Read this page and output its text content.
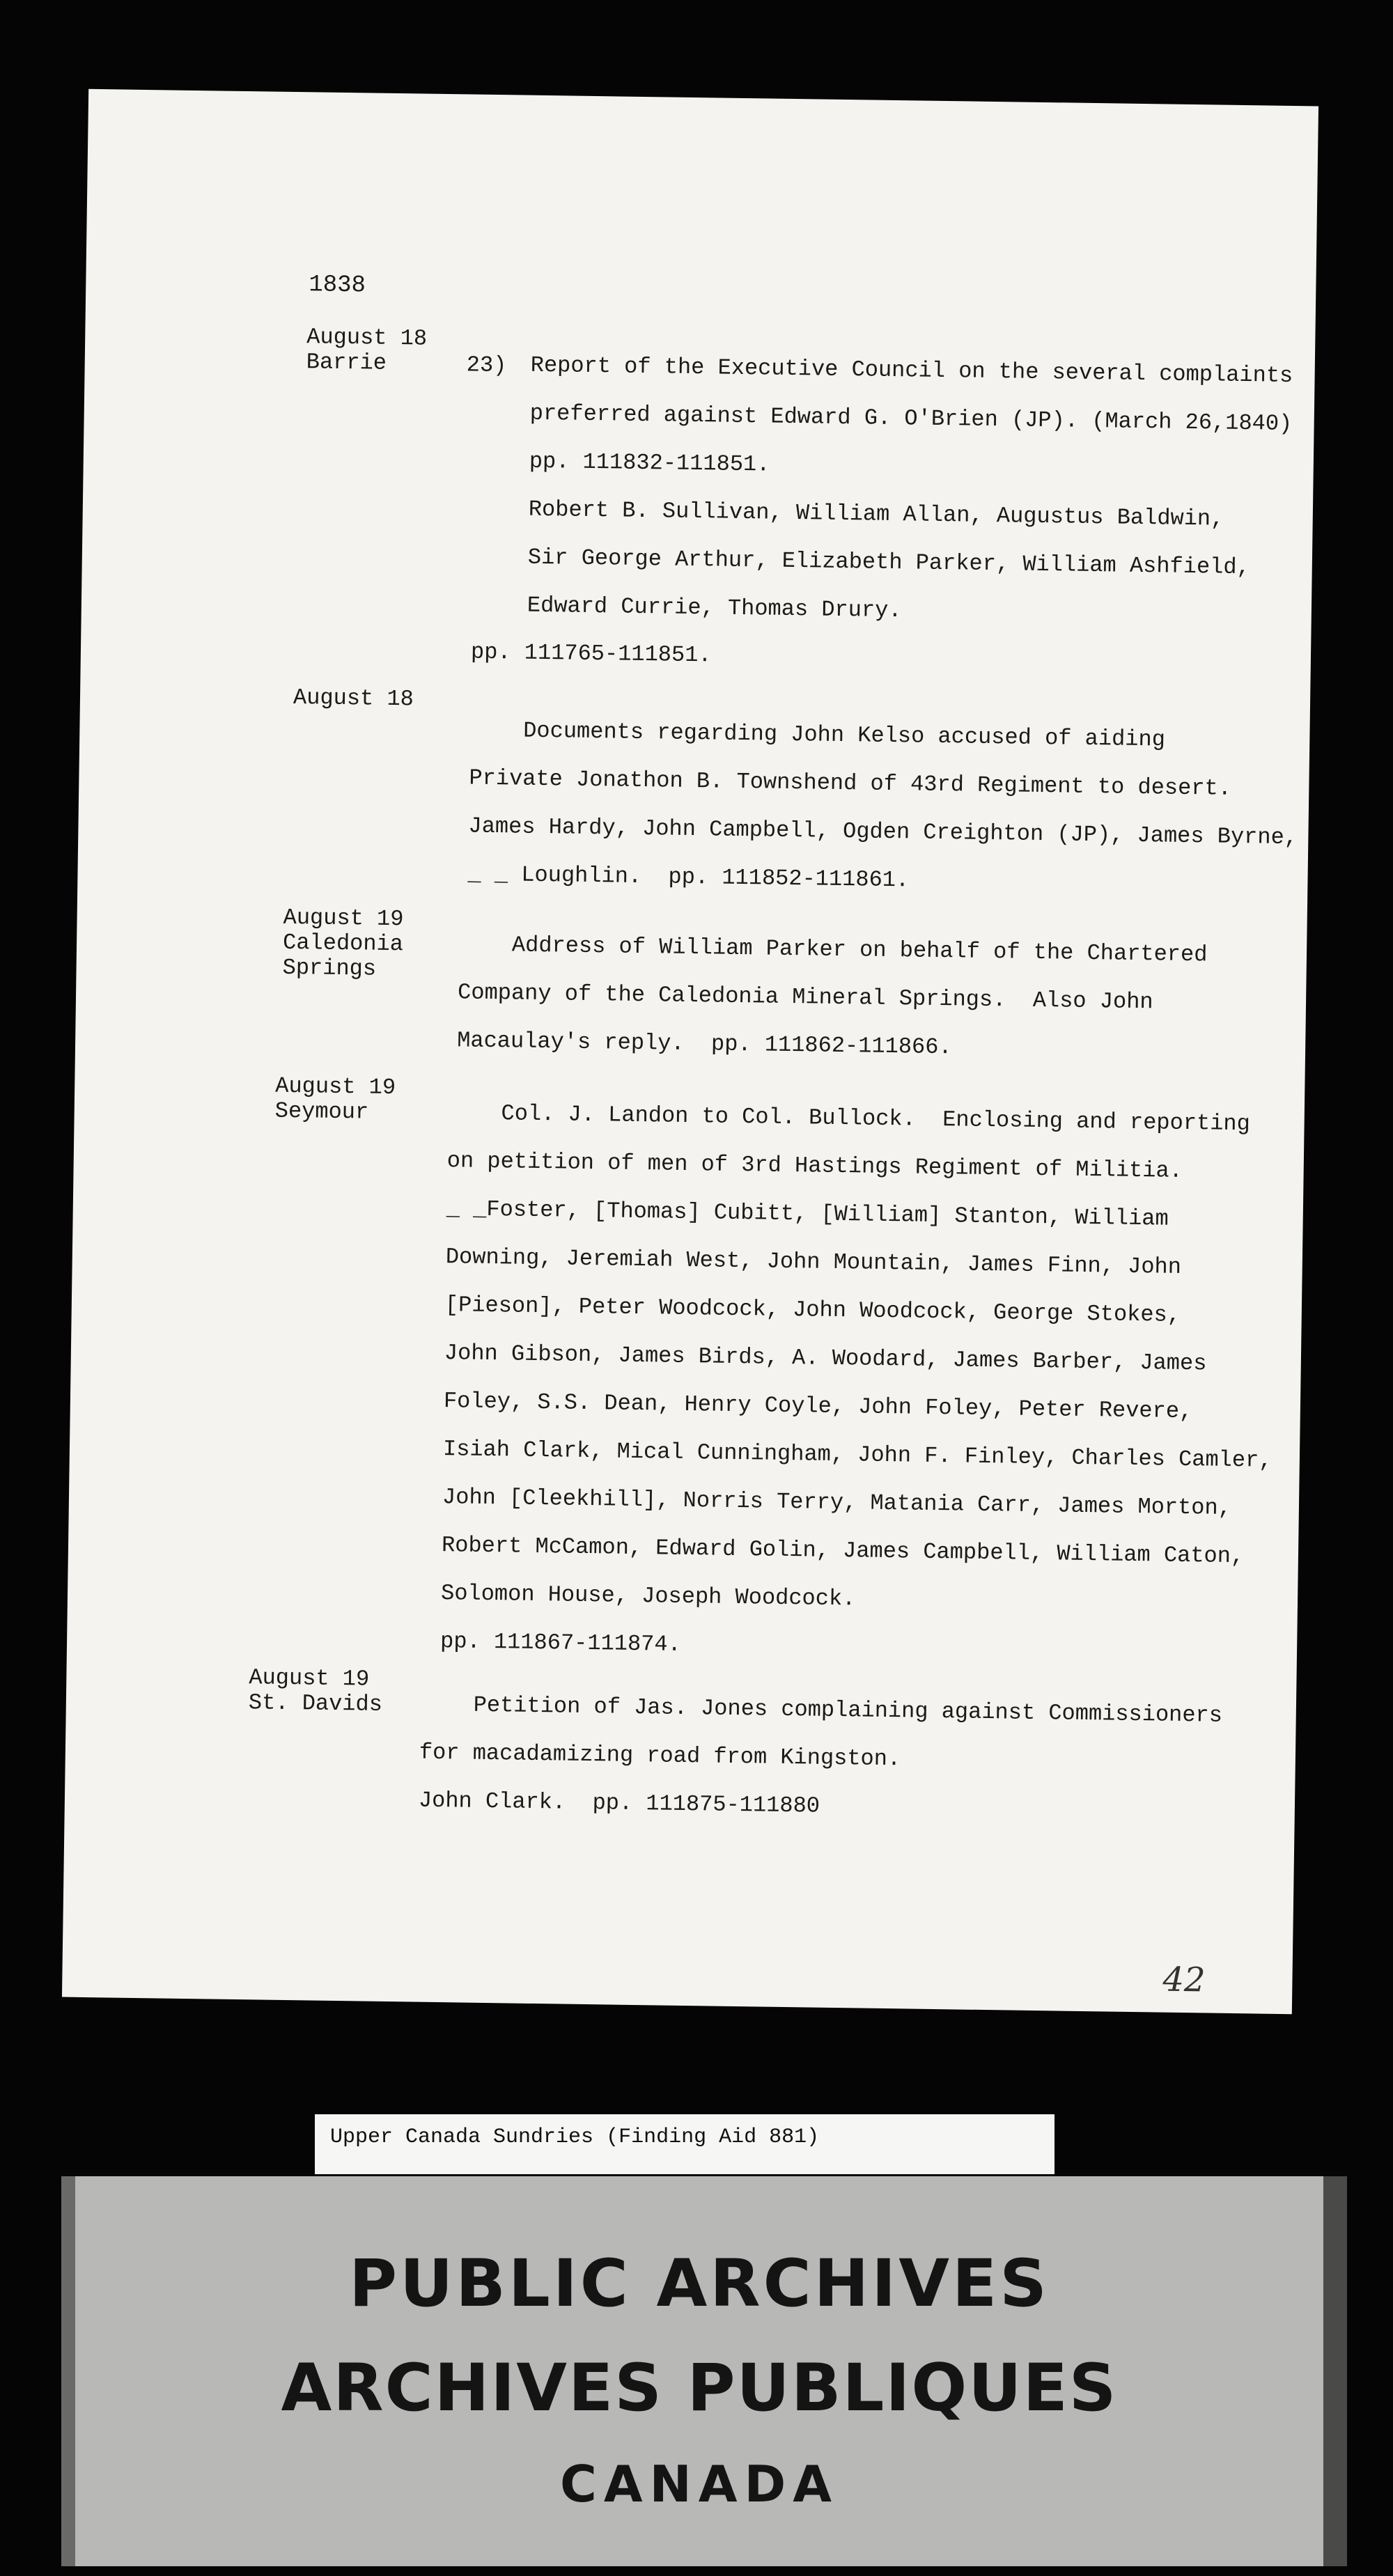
1838
August 18
Barrie	23) Report of the Executive Council on the several complaints
preferred against Edward G. O'Brien (JP). (March 26,1840)
pp. 111832-111851.
Robert B. Sullivan, William Allan, Augustus Baldwin,
Sir George Arthur, Elizabeth Parker, William Ashfield,
Edward Currie, Thomas Drury.
pp. 111765-111851.
August 18
Documents regarding John Kelso accused of aiding
Private Jonathon B. Townshend of 43rd Regiment to desert.
James Hardy, John Campbell, Ogden Creighton (JP), James Byrne,
_ _ Loughlin.  pp. 111852-111861.
August 19
Caledonia
Springs
Address of William Parker on behalf of the Chartered
Company of the Caledonia Mineral Springs.  Also John
Macaulay's reply.  pp. 111862-111866.
August 19
Seymour	Col. J. Landon to Col. Bullock.  Enclosing and reporting
on petition of men of 3rd Hastings Regiment of Militia.
_ _Foster, [Thomas] Cubitt, [William] Stanton, William
Downing, Jeremiah West, John Mountain, James Finn, John
[Pieson], Peter Woodcock, John Woodcock, George Stokes,
John Gibson, James Birds, A. Woodard, James Barber, James
Foley, S.S. Dean, Henry Coyle, John Foley, Peter Revere,
Isiah Clark, Mical Cunningham, John F. Finley, Charles Camler,
John [Cleekhill], Norris Terry, Matania Carr, James Morton,
Robert McCamon, Edward Golin, James Campbell, William Caton,
Solomon House, Joseph Woodcock.
pp. 111867-111874.
August 19
St. Davids Petition of Jas. Jones complaining against Commissioners
for macadamizing road from Kingston.
John Clark.  pp. 111875-111880
42
Upper Canada Sundries (Finding Aid 881)
PUBLIC ARCHIVES
ARCHIVES PUBLIQUES
CANADA
